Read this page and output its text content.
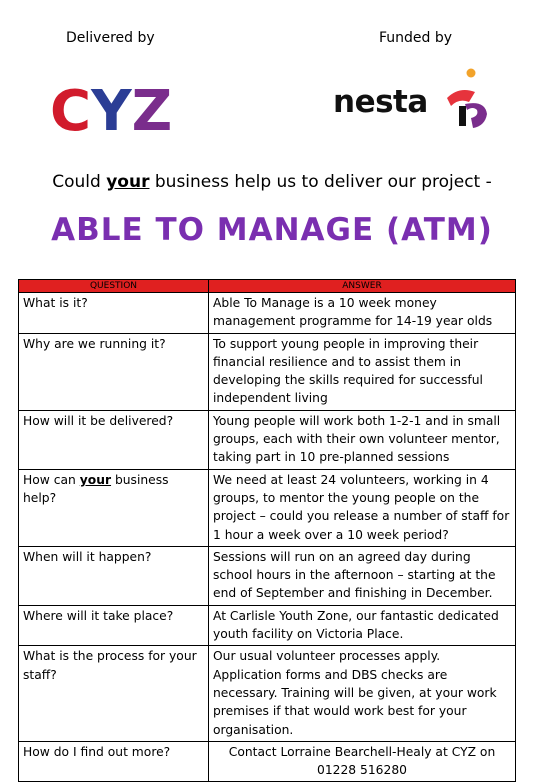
Delivered by	Funded by
C Y Z	nesta
Could your business help us to deliver our project -
ABLE TO MANAGE (ATM)
QUESTION	ANSWER
What is it?	Able To Manage is a 10 week money management programme for 14-19 year olds
Why are we running it?	To support young people in improving their financial resilience and to assist them in developing the skills required for successful independent living
How will it be delivered?	Young people will work both 1-2-1 and in small groups, each with their own volunteer mentor, taking part in 10 pre-planned sessions
How can your business help?	We need at least 24 volunteers, working in 4 groups, to mentor the young people on the project – could you release a number of staff for 1 hour a week over a 10 week period?
When will it happen?	Sessions will run on an agreed day during school hours in the afternoon – starting at the end of September and finishing in December.
Where will it take place?	At Carlisle Youth Zone, our fantastic dedicated youth facility on Victoria Place.
What is the process for your staff?	Our usual volunteer processes apply. Application forms and DBS checks are necessary. Training will be given, at your work premises if that would work best for your organisation.
How do I find out more?	Contact Lorraine Bearchell-Healy at CYZ on 01228 516280
